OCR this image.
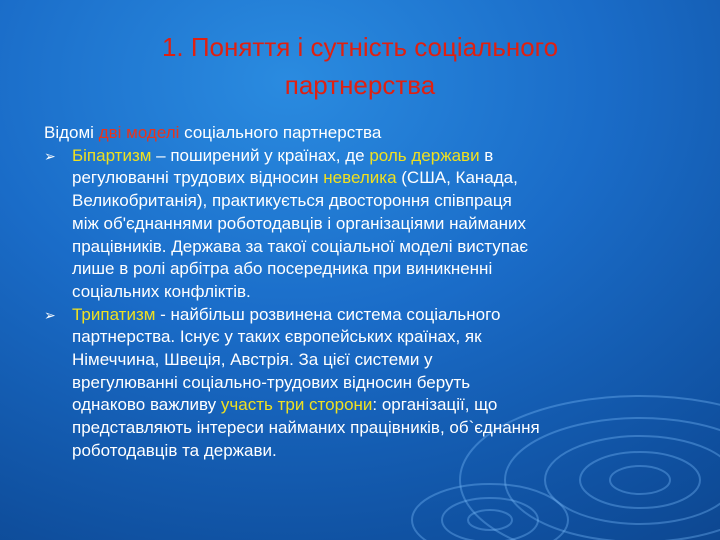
1. Поняття і сутність соціального
партнерства
Відомі дві моделі соціального партнерства
➢ Біпартизм – поширений у країнах, де роль держави в
регулюванні трудових відносин невелика (США, Канада,
Великобританія), практикується двостороння співпраця
між об'єднаннями роботодавців і організаціями найманих
працівників. Держава за такої соціальної моделі виступає
лише в ролі арбітра або посередника при виникненні
соціальних конфліктів.
➢ Трипатизм - найбільш розвинена система соціального
партнерства. Існує у таких європейських країнах, як
Німеччина, Швеція, Австрія. За цієї системи у
врегулюванні соціально-трудових відносин беруть
однаково важливу участь три сторони: організації, що
представляють інтереси найманих працівників, об`єднання
роботодавців та держави.
